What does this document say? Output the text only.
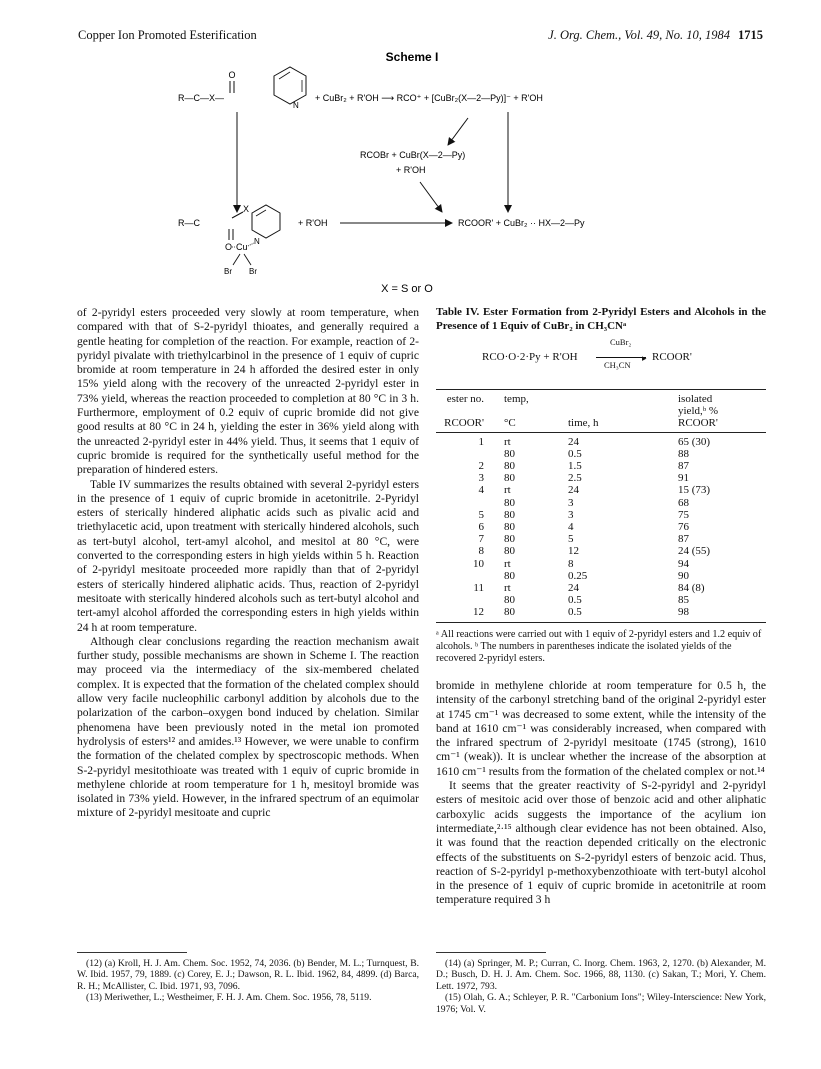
Copper Ion Promoted Esterification	J. Org. Chem., Vol. 49, No. 10, 1984 1715
Scheme I
O
R—C—X—
N
+ CuBr₂ + R'OH ⟶ RCO⁺ + [CuBr₂(X—2—Py)]⁻ + R'OH
RCOBr + CuBr(X—2—Py)
+ R'OH
X
R—C
N
O Cu
Br Br
+ R'OH	RCOOR' + CuBr₂ ·· HX—2—Py
X = S or O

of 2-pyridyl esters proceeded very slowly at room temperature, when compared with that of S-2-pyridyl thioates, and generally required a gentle heating for completion of the reaction. For example, reaction of 2-pyridyl pivalate with triethylcarbinol in the presence of 1 equiv of cupric bromide at room temperature in 24 h afforded the desired ester in only 15% yield along with the recovery of the unreacted 2-pyridyl ester in 73% yield, whereas the reaction proceeded to completion at 80 °C in 3 h. Furthermore, employment of 0.2 equiv of cupric bromide did not give good results at 80 °C in 24 h, yielding the ester in 36% yield along with the unreacted 2-pyridyl ester in 44% yield. Thus, it seems that 1 equiv of cupric bromide is required for the synthetically useful method for the preparation of hindered esters.

Table IV summarizes the results obtained with several 2-pyridyl esters in the presence of 1 equiv of cupric bromide in acetonitrile. 2-Pyridyl esters of sterically hindered aliphatic acids such as pivalic acid and triethylacetic acid, upon treatment with sterically hindered alcohols, such as tert-butyl alcohol, tert-amyl alcohol, and mesitol at 80 °C, were converted to the corresponding esters in high yields within 5 h. Reaction of 2-pyridyl mesitoate proceeded more rapidly than that of 2-pyridyl esters of sterically hindered aliphatic acids. Thus, reaction of 2-pyridyl mesitoate with sterically hindered alcohols such as tert-butyl alcohol and tert-amyl alcohol afforded the corresponding esters in high yields within 24 h at room temperature.

Although clear conclusions regarding the reaction mechanism await further study, possible mechanisms are shown in Scheme I. The reaction may proceed via the intermediacy of the six-membered chelated complex. It is expected that the formation of the chelated complex should allow very facile nucleophilic carbonyl addition by alcohols due to the polarization of the carbon–oxygen bond induced by chelation. Similar phenomena have been previously noted in the metal ion promoted hydrolysis of esters¹² and amides.¹³ However, we were unable to confirm the formation of the chelated complex by spectroscopic methods. When S-2-pyridyl mesitothioate was treated with 1 equiv of cupric bromide in methylene chloride at room temperature for 1 h, mesitoyl bromide was isolated in 73% yield. However, in the infrared spectrum of an equimolar mixture of 2-pyridyl mesitoate and cupric

Table IV. Ester Formation from 2-Pyridyl Esters and Alcohols in the Presence of 1 Equiv of CuBr₂ in CH₃CNᵃ
RCO·O·2·Py + R'OH
CuBr₂
▸
CH₃CN
RCOOR'
ester no.	temp,		isolated

			yield,ᵇ %

RCOOR'	°C	time, h	RCOOR'
1	rt	24	65 (30)
	80	0.5	88
2	80	1.5	87
3	80	2.5	91
4	rt	24	15 (73)
	80	3	68
5	80	3	75
6	80	4	76
7	80	5	87
8	80	12	24 (55)
10	rt	8	94
	80	0.25	90
11	rt	24	84 (8)
	80	0.5	85
12	80	0.5	98
ᵃ All reactions were carried out with 1 equiv of 2-pyridyl esters and 1.2 equiv of alcohols. ᵇ The numbers in parentheses indicate the isolated yields of the recovered 2-pyridyl esters.

bromide in methylene chloride at room temperature for 0.5 h, the intensity of the carbonyl stretching band of the original 2-pyridyl ester at 1745 cm⁻¹ was decreased to some extent, while the intensity of the band at 1610 cm⁻¹ was considerably increased, when compared with the infrared spectrum of 2-pyridyl mesitoate (1745 (strong), 1610 cm⁻¹ (weak)). It is unclear whether the increase of the absorption at 1610 cm⁻¹ results from the formation of the chelated complex or not.¹⁴

It seems that the greater reactivity of S-2-pyridyl and 2-pyridyl esters of mesitoic acid over those of benzoic acid and other aliphatic carboxylic acids suggests the importance of the acylium ion intermediate,²·¹⁵ although clear evidence has not been obtained. Also, it was found that the reaction depended critically on the electronic effects of the substituents on S-2-pyridyl esters of benzoic acid. Thus, reaction of S-2-pyridyl p-methoxybenzothioate with tert-butyl alcohol in the presence of 1 equiv of cupric bromide in acetonitrile at room temperature required 3 h

(12) (a) Kroll, H. J. Am. Chem. Soc. 1952, 74, 2036. (b) Bender, M. L.; Turnquest, B. W. Ibid. 1957, 79, 1889. (c) Corey, E. J.; Dawson, R. L. Ibid. 1962, 84, 4899. (d) Barca, R. H.; McAllister, C. Ibid. 1971, 93, 7096.

(13) Meriwether, L.; Westheimer, F. H. J. Am. Chem. Soc. 1956, 78, 5119.

(14) (a) Springer, M. P.; Curran, C. Inorg. Chem. 1963, 2, 1270. (b) Alexander, M. D.; Busch, D. H. J. Am. Chem. Soc. 1966, 88, 1130. (c) Sakan, T.; Mori, Y. Chem. Lett. 1972, 793.

(15) Olah, G. A.; Schleyer, P. R. "Carbonium Ions"; Wiley-Interscience: New York, 1976; Vol. V.
